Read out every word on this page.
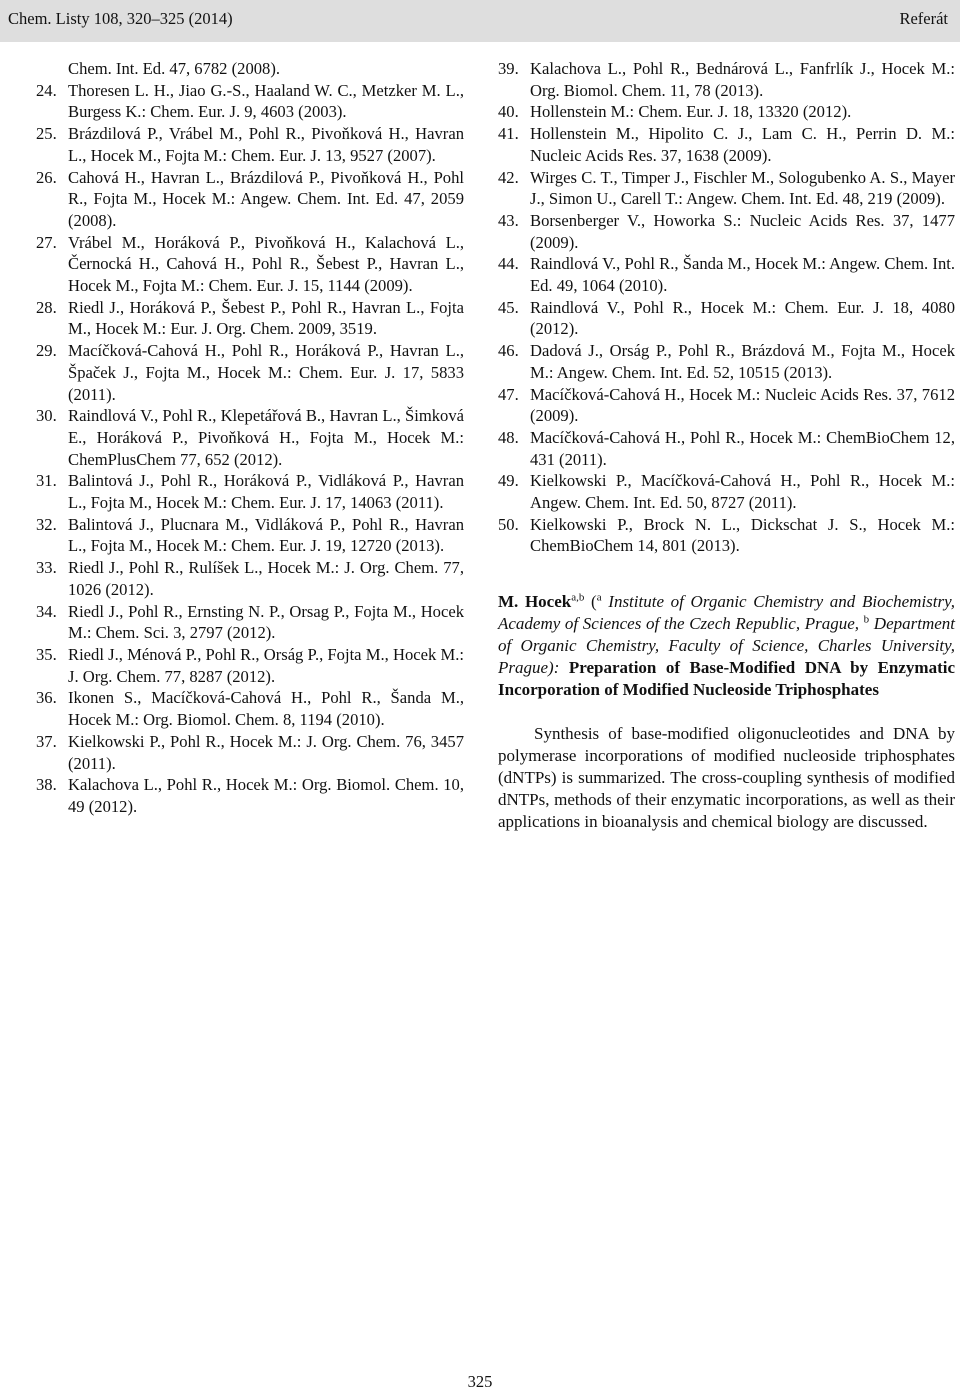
Chem. Listy 108, 320–325 (2014)	Referát
Chem. Int. Ed. 47, 6782 (2008).
24. Thoresen L. H., Jiao G.-S., Haaland W. C., Metzker M. L., Burgess K.: Chem. Eur. J. 9, 4603 (2003).
25. Brázdilová P., Vrábel M., Pohl R., Pivoňková H., Havran L., Hocek M., Fojta M.: Chem. Eur. J. 13, 9527 (2007).
26. Cahová H., Havran L., Brázdilová P., Pivoňková H., Pohl R., Fojta M., Hocek M.: Angew. Chem. Int. Ed. 47, 2059 (2008).
27. Vrábel M., Horáková P., Pivoňková H., Kalachová L., Černocká H., Cahová H., Pohl R., Šebest P., Havran L., Hocek M., Fojta M.: Chem. Eur. J. 15, 1144 (2009).
28. Riedl J., Horáková P., Šebest P., Pohl R., Havran L., Fojta M., Hocek M.: Eur. J. Org. Chem. 2009, 3519.
29. Macíčková-Cahová H., Pohl R., Horáková P., Havran L., Špaček J., Fojta M., Hocek M.: Chem. Eur. J. 17, 5833 (2011).
30. Raindlová V., Pohl R., Klepetářová B., Havran L., Šimková E., Horáková P., Pivoňková H., Fojta M., Hocek M.: ChemPlusChem 77, 652 (2012).
31. Balintová J., Pohl R., Horáková P., Vidláková P., Havran L., Fojta M., Hocek M.: Chem. Eur. J. 17, 14063 (2011).
32. Balintová J., Plucnara M., Vidláková P., Pohl R., Havran L., Fojta M., Hocek M.: Chem. Eur. J. 19, 12720 (2013).
33. Riedl J., Pohl R., Rulíšek L., Hocek M.: J. Org. Chem. 77, 1026 (2012).
34. Riedl J., Pohl R., Ernsting N. P., Orsag P., Fojta M., Hocek M.: Chem. Sci. 3, 2797 (2012).
35. Riedl J., Ménová P., Pohl R., Orság P., Fojta M., Hocek M.: J. Org. Chem. 77, 8287 (2012).
36. Ikonen S., Macíčková-Cahová H., Pohl R., Šanda M., Hocek M.: Org. Biomol. Chem. 8, 1194 (2010).
37. Kielkowski P., Pohl R., Hocek M.: J. Org. Chem. 76, 3457 (2011).
38. Kalachova L., Pohl R., Hocek M.: Org. Biomol. Chem. 10, 49 (2012).
39. Kalachova L., Pohl R., Bednárová L., Fanfrlík J., Hocek M.: Org. Biomol. Chem. 11, 78 (2013).
40. Hollenstein M.: Chem. Eur. J. 18, 13320 (2012).
41. Hollenstein M., Hipolito C. J., Lam C. H., Perrin D. M.: Nucleic Acids Res. 37, 1638 (2009).
42. Wirges C. T., Timper J., Fischler M., Sologubenko A. S., Mayer J., Simon U., Carell T.: Angew. Chem. Int. Ed. 48, 219 (2009).
43. Borsenberger V., Howorka S.: Nucleic Acids Res. 37, 1477 (2009).
44. Raindlová V., Pohl R., Šanda M., Hocek M.: Angew. Chem. Int. Ed. 49, 1064 (2010).
45. Raindlová V., Pohl R., Hocek M.: Chem. Eur. J. 18, 4080 (2012).
46. Dadová J., Orság P., Pohl R., Brázdová M., Fojta M., Hocek M.: Angew. Chem. Int. Ed. 52, 10515 (2013).
47. Macíčková-Cahová H., Hocek M.: Nucleic Acids Res. 37, 7612 (2009).
48. Macíčková-Cahová H., Pohl R., Hocek M.: ChemBioChem 12, 431 (2011).
49. Kielkowski P., Macíčková-Cahová H., Pohl R., Hocek M.: Angew. Chem. Int. Ed. 50, 8727 (2011).
50. Kielkowski P., Brock N. L., Dickschat J. S., Hocek M.: ChemBioChem 14, 801 (2013).
M. Hocek$^{a,b}$ ($^a$ Institute of Organic Chemistry and Biochemistry, Academy of Sciences of the Czech Republic, Prague, $^b$ Department of Organic Chemistry, Faculty of Science, Charles University, Prague): Preparation of Base-Modified DNA by Enzymatic Incorporation of Modified Nucleoside Triphosphates
Synthesis of base-modified oligonucleotides and DNA by polymerase incorporations of modified nucleoside triphosphates (dNTPs) is summarized. The cross-coupling synthesis of modified dNTPs, methods of their enzymatic incorporations, as well as their applications in bioanalysis and chemical biology are discussed.
325
